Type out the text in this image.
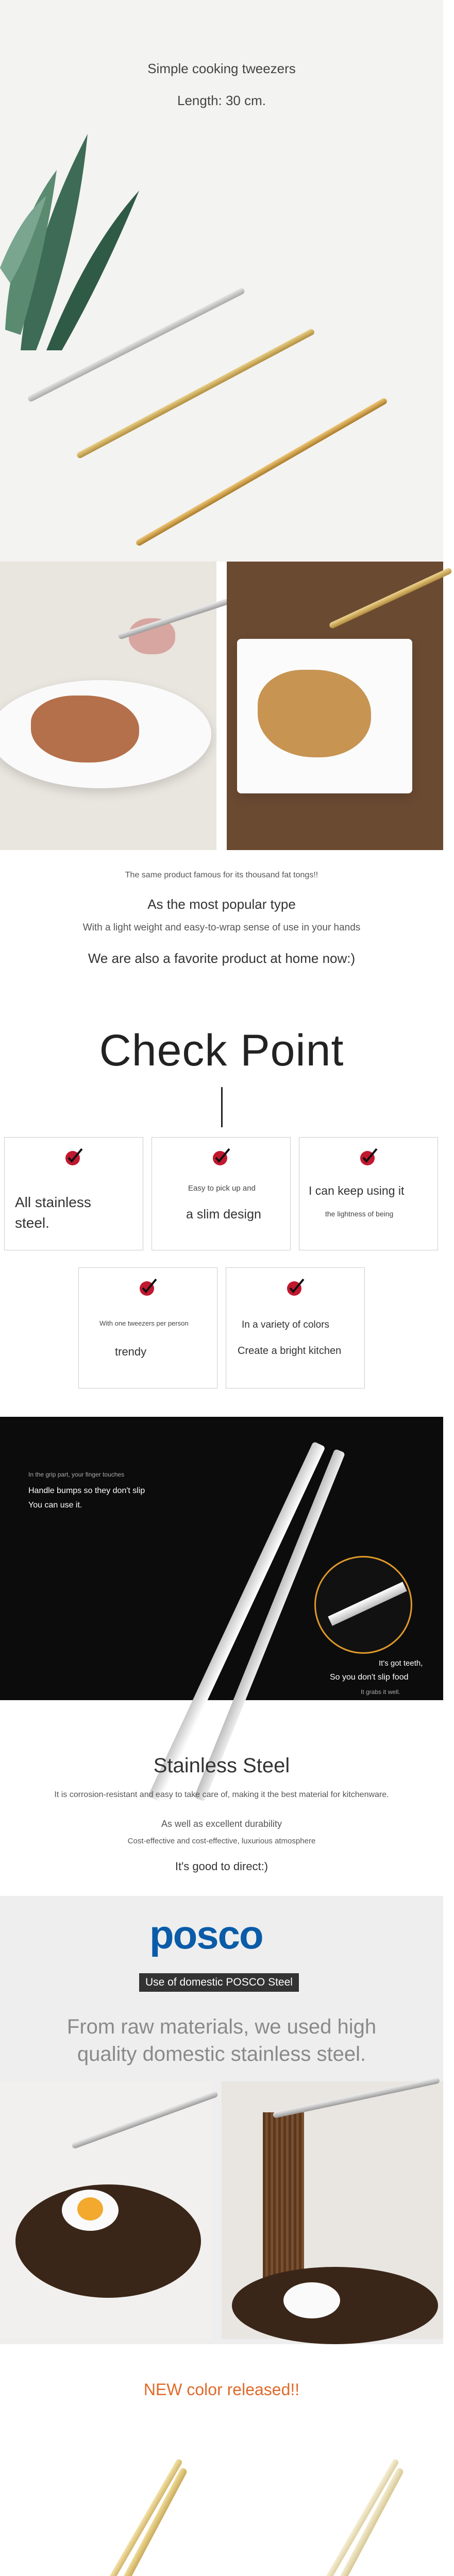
Simple cooking tweezers
Length: 30 cm.

The same product famous for its thousand fat tongs!!

As the most popular type

With a light weight and easy-to-wrap sense of use in your hands

We are also a favorite product at home now:)

Check Point

All stainless

steel.

Easy to pick up and

a slim design

I can keep using it

the lightness of being

With one tweezers per person

trendy

In a variety of colors

Create a bright kitchen

In the grip part, your finger touches
Handle bumps so they don't slip
You can use it.
It's got teeth,
So you don't slip food
It grabs it well.

Stainless Steel

It is corrosion-resistant and easy to take care of, making it the best material for kitchenware.

As well as excellent durability

Cost-effective and cost-effective, luxurious atmosphere

It's good to direct:)

posco
Use of domestic POSCO Steel

From raw materials, we used high

quality domestic stainless steel.

NEW color released!!
